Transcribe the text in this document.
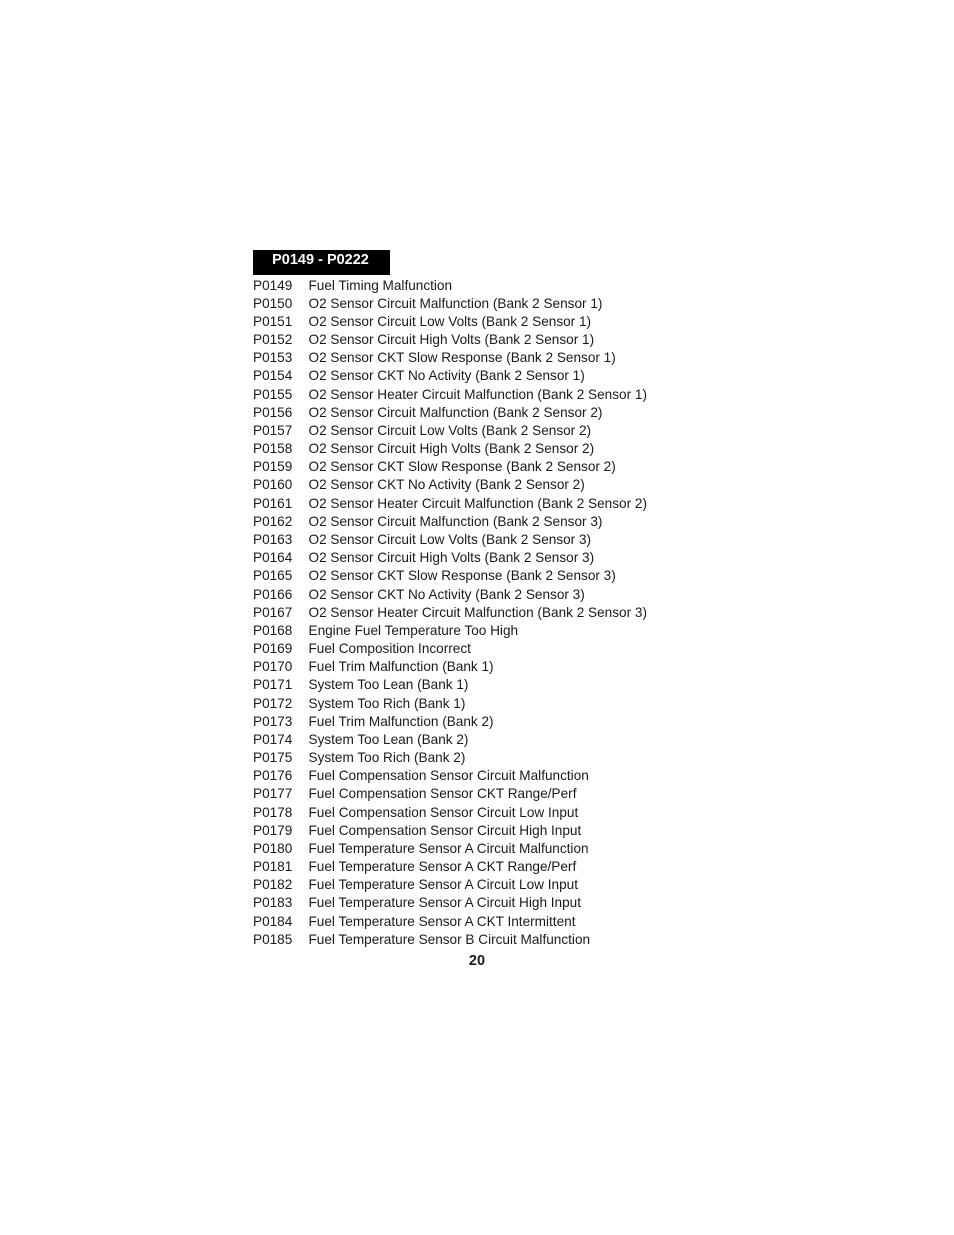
P0149 - P0222
P0149	Fuel Timing Malfunction
P0150	O2 Sensor Circuit Malfunction (Bank 2 Sensor 1)
P0151	O2 Sensor Circuit Low Volts (Bank 2 Sensor 1)
P0152	O2 Sensor Circuit High Volts (Bank 2 Sensor 1)
P0153	O2 Sensor CKT Slow Response (Bank 2 Sensor 1)
P0154	O2 Sensor CKT No Activity (Bank 2 Sensor 1)
P0155	O2 Sensor Heater Circuit Malfunction (Bank 2 Sensor 1)
P0156	O2 Sensor Circuit Malfunction (Bank 2 Sensor 2)
P0157	O2 Sensor Circuit Low Volts (Bank 2 Sensor 2)
P0158	O2 Sensor Circuit High Volts (Bank 2 Sensor 2)
P0159	O2 Sensor CKT Slow Response (Bank 2 Sensor 2)
P0160	O2 Sensor CKT No Activity (Bank 2 Sensor 2)
P0161	O2 Sensor Heater Circuit Malfunction (Bank 2 Sensor 2)
P0162	O2 Sensor Circuit Malfunction (Bank 2 Sensor 3)
P0163	O2 Sensor Circuit Low Volts (Bank 2 Sensor 3)
P0164	O2 Sensor Circuit High Volts (Bank 2 Sensor 3)
P0165	O2 Sensor CKT Slow Response (Bank 2 Sensor 3)
P0166	O2 Sensor CKT No Activity (Bank 2 Sensor 3)
P0167	O2 Sensor Heater Circuit Malfunction (Bank 2 Sensor 3)
P0168	Engine Fuel Temperature Too High
P0169	Fuel Composition Incorrect
P0170	Fuel Trim Malfunction (Bank 1)
P0171	System Too Lean (Bank 1)
P0172	System Too Rich (Bank 1)
P0173	Fuel Trim Malfunction (Bank 2)
P0174	System Too Lean (Bank 2)
P0175	System Too Rich (Bank 2)
P0176	Fuel Compensation Sensor Circuit Malfunction
P0177	Fuel Compensation Sensor CKT Range/Perf
P0178	Fuel Compensation Sensor Circuit Low Input
P0179	Fuel Compensation Sensor Circuit High Input
P0180	Fuel Temperature Sensor A Circuit Malfunction
P0181	Fuel Temperature Sensor A CKT Range/Perf
P0182	Fuel Temperature Sensor A Circuit Low Input
P0183	Fuel Temperature Sensor A Circuit High Input
P0184	Fuel Temperature Sensor A CKT Intermittent
P0185	Fuel Temperature Sensor B Circuit Malfunction
20
